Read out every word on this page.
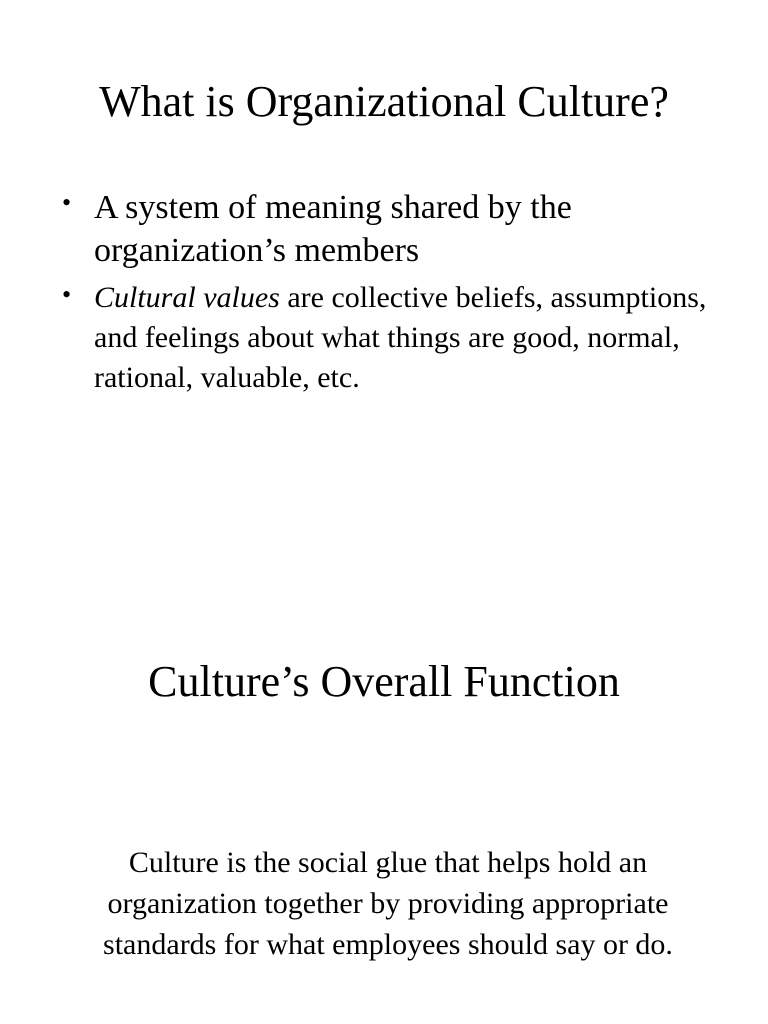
What is Organizational Culture?
• A system of meaning shared by the organization’s members
• Cultural values are collective beliefs, assumptions, and feelings about what things are good, normal, rational, valuable, etc.
Culture’s Overall Function

Culture is the social glue that helps hold an organization together by providing appropriate standards for what employees should say or do.
